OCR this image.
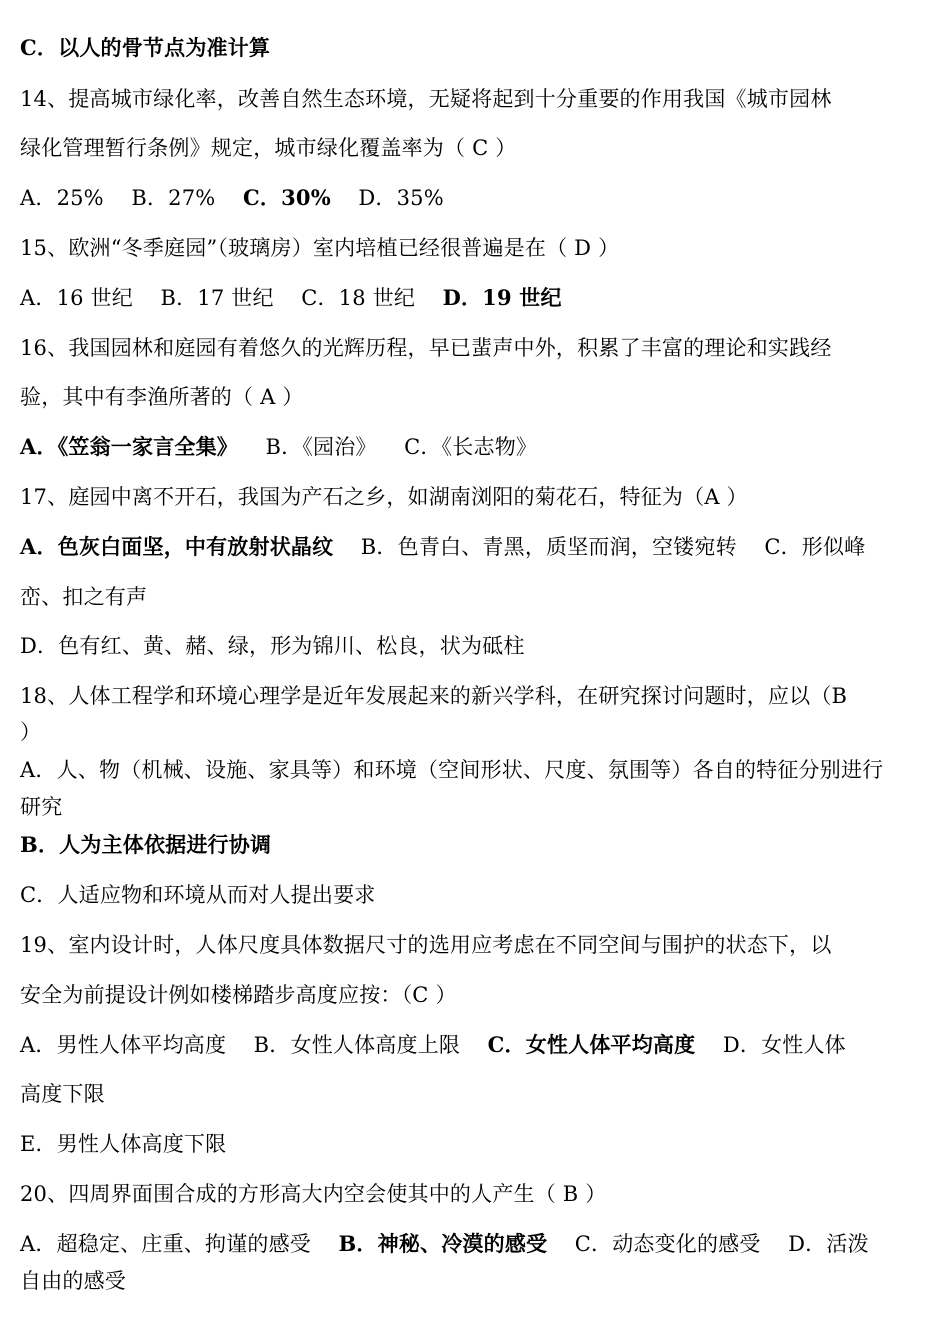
C．以人的骨节点为准计算
14、提高城市绿化率，改善自然生态环境，无疑将起到十分重要的作用我国《城市园林
绿化管理暂行条例》规定，城市绿化覆盖率为（ C ）
A．25%    B．27%    C．30%    D．35%
15、欧洲“冬季庭园”（玻璃房）室内培植已经很普遍是在（ D ）
A．16 世纪    B．17 世纪    C．18 世纪    D．19 世纪
16、我国园林和庭园有着悠久的光辉历程，早已蜚声中外，积累了丰富的理论和实践经
验，其中有李渔所著的（ A ）
A．《笠翁一家言全集》    B．《园治》    C．《长志物》
17、庭园中离不开石，我国为产石之乡，如湖南浏阳的菊花石，特征为（A ）
A．色灰白面坚，中有放射状晶纹    B．色青白、青黑，质坚而润，空镂宛转    C．形似峰
峦、扣之有声
D．色有红、黄、赭、绿，形为锦川、松良，状为砥柱
18、人体工程学和环境心理学是近年发展起来的新兴学科，在研究探讨问题时，应以（B
）
A．人、物（机械、设施、家具等）和环境（空间形状、尺度、氛围等）各自的特征分别进行
研究
B．人为主体依据进行协调
C．人适应物和环境从而对人提出要求
19、室内设计时，人体尺度具体数据尺寸的选用应考虑在不同空间与围护的状态下，以
安全为前提设计例如楼梯踏步高度应按：（C ）
A．男性人体平均高度    B．女性人体高度上限    C．女性人体平均高度    D．女性人体
高度下限
E．男性人体高度下限
20、四周界面围合成的方形高大内空会使其中的人产生（ B ）
A．超稳定、庄重、拘谨的感受    B．神秘、冷漠的感受    C．动态变化的感受    D．活泼
自由的感受
